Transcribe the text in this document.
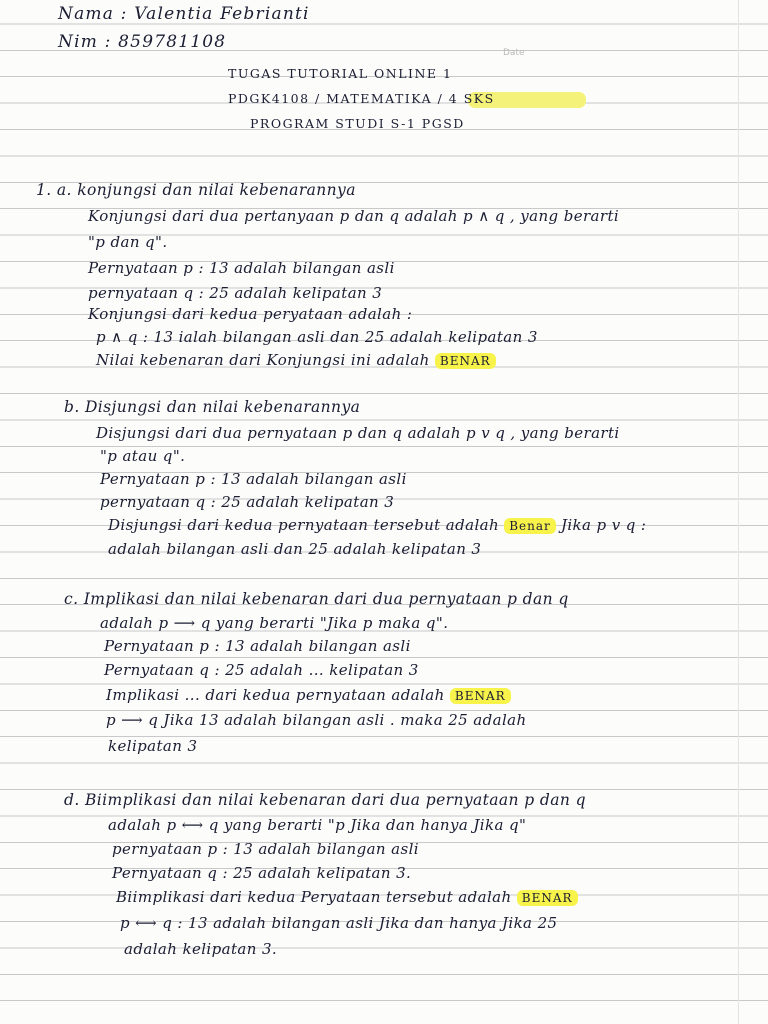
Nama : Valentia Febrianti
Nim : 859781108
Date
TUGAS TUTORIAL ONLINE 1
PDGK4108 / MATEMATIKA / 4 SKS
PROGRAM STUDI S-1 PGSD
1. a. konjungsi dan nilai kebenarannya
Konjungsi dari dua pertanyaan p dan q adalah p ∧ q , yang berarti
"p dan q".
Pernyataan p : 13 adalah bilangan asli
pernyataan q : 25 adalah kelipatan 3
Konjungsi dari kedua peryataan adalah :
p ∧ q : 13 ialah bilangan asli dan 25 adalah kelipatan 3
Nilai kebenaran dari Konjungsi ini adalah BENAR
b. Disjungsi dan nilai kebenarannya
Disjungsi dari dua pernyataan p dan q adalah p v q , yang berarti
"p atau q".
Pernyataan p : 13 adalah bilangan asli
pernyataan q : 25 adalah kelipatan 3
Disjungsi dari kedua pernyataan tersebut adalah Benar Jika p v q :
adalah bilangan asli dan 25 adalah kelipatan 3
c. Implikasi dan nilai kebenaran dari dua pernyataan p dan q
adalah p ⟶ q yang berarti "Jika p maka q".
Pernyataan p : 13 adalah bilangan asli
Pernyataan q : 25 adalah ... kelipatan 3
Implikasi ... dari kedua pernyataan adalah BENAR
p ⟶ q Jika 13 adalah bilangan asli . maka 25 adalah
kelipatan 3
d. Biimplikasi dan nilai kebenaran dari dua pernyataan p dan q
adalah p ⟷ q yang berarti "p Jika dan hanya Jika q"
pernyataan p : 13 adalah bilangan asli
Pernyataan q : 25 adalah kelipatan 3.
Biimplikasi dari kedua Peryataan tersebut adalah BENAR
p ⟷ q : 13 adalah bilangan asli Jika dan hanya Jika 25
adalah kelipatan 3.
